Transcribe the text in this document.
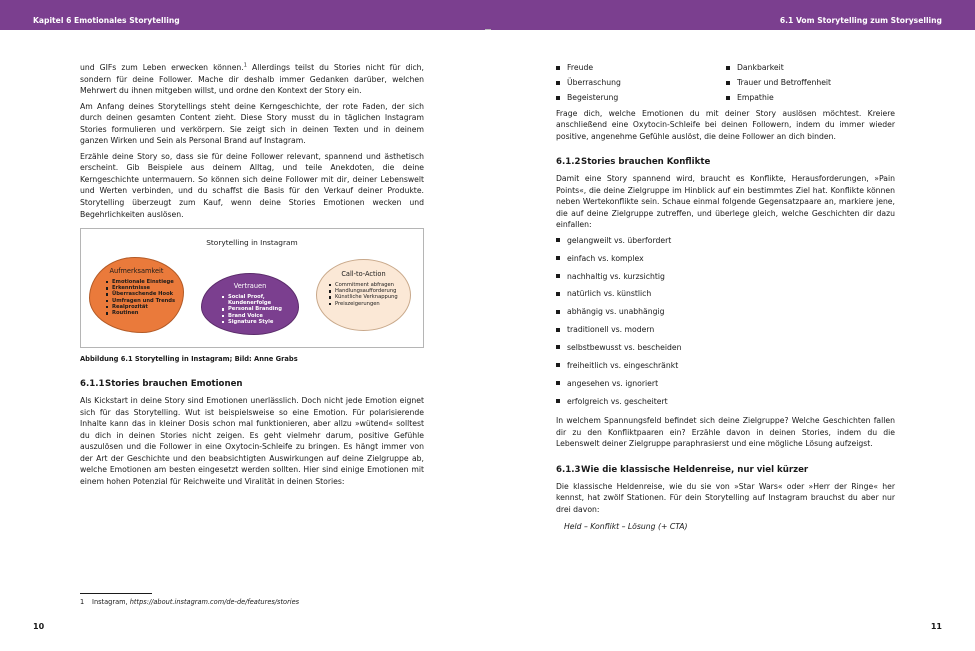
Kapitel 6 Emotionales Storytelling	6.1 Vom Storytelling zum Storyselling

und GIFs zum Leben erwecken können.$^1$ Allerdings teilst du Stories nicht für dich, sondern für deine Follower. Mache dir deshalb immer Gedanken darüber, welchen Mehrwert du ihnen mitgeben willst, und ordne den Kontext der Story ein.

Am Anfang deines Storytellings steht deine Kerngeschichte, der rote Faden, der sich durch deinen gesamten Content zieht. Diese Story musst du in täglichen Instagram Stories formulieren und verkörpern. Sie zeigt sich in deinen Texten und in deinem ganzen Wirken und Sein als Personal Brand auf Instagram.

Erzähle deine Story so, dass sie für deine Follower relevant, spannend und ästhetisch erscheint. Gib Beispiele aus deinem Alltag, und teile Anekdoten, die deine Kerngeschichte untermauern. So können sich deine Follower mit dir, deiner Lebenswelt und Werten verbinden, und du schaffst die Basis für den Verkauf deiner Produkte. Storytelling überzeugt zum Kauf, wenn deine Stories Emotionen wecken und Begehrlichkeiten auslösen.

Storytelling in Instagram
Aufmerksamkeit
Emotionale Einstiege
Erkenntnisse
Überraschende Hook
Umfragen und Trends
Realprozität
Routinen
Vertrauen
Social Proof, Kundenerfolge
Personal Branding
Brand Voice
Signature Style
Call-to-Action
Commitment abfragen
Handlungsaufforderung
Künstliche Verknappung
Preiszeigerungen
Abbildung 6.1 Storytelling in Instagram; Bild: Anne Grabs
6.1.1Stories brauchen Emotionen

Als Kickstart in deine Story sind Emotionen unerlässlich. Doch nicht jede Emotion eignet sich für das Storytelling. Wut ist beispielsweise so eine Emotion. Für polarisierende Inhalte kann das in kleiner Dosis schon mal funktionieren, aber allzu »wütend« solltest du dich in deinen Stories nicht zeigen. Es geht vielmehr darum, positive Gefühle auszulösen und die Follower in eine Oxytocin-Schleife zu bringen. Es hängt immer von der Art der Geschichte und den beabsichtigten Auswirkungen auf deine Zielgruppe ab, welche Emotionen am besten eingesetzt werden sollten. Hier sind einige Emotionen mit einem hohen Potenzial für Reichweite und Viralität in deinen Stories:

1 Instagram, https://about.instagram.com/de-de/features/stories
10
Freude	Dankbarkeit
Überraschung	Trauer und Betroffenheit
Begeisterung	Empathie

Frage dich, welche Emotionen du mit deiner Story auslösen möchtest. Kreiere anschließend eine Oxytocin-Schleife bei deinen Followern, indem du immer wieder positive, angenehme Gefühle auslöst, die deine Follower an dich binden.

6.1.2Stories brauchen Konflikte

Damit eine Story spannend wird, braucht es Konflikte, Herausforderungen, »Pain Points«, die deine Zielgruppe im Hinblick auf ein bestimmtes Ziel hat. Konflikte können neben Wertekonflikte sein. Schaue einmal folgende Gegensatzpaare an, markiere jene, die auf deine Zielgruppe zutreffen, und überlege gleich, welche Geschichten dir dazu einfallen:

gelangweilt vs. überfordert
einfach vs. komplex
nachhaltig vs. kurzsichtig
natürlich vs. künstlich
abhängig vs. unabhängig
traditionell vs. modern
selbstbewusst vs. bescheiden
freiheitlich vs. eingeschränkt
angesehen vs. ignoriert
erfolgreich vs. gescheitert

In welchem Spannungsfeld befindet sich deine Zielgruppe? Welche Geschichten fallen dir zu den Konfliktpaaren ein? Erzähle davon in deinen Stories, indem du die Lebenswelt deiner Zielgruppe paraphrasierst und eine mögliche Lösung aufzeigst.

6.1.3Wie die klassische Heldenreise, nur viel kürzer

Die klassische Heldenreise, wie du sie von »Star Wars« oder »Herr der Ringe« her kennst, hat zwölf Stationen. Für dein Storytelling auf Instagram brauchst du aber nur drei davon:

Held – Konflikt – Lösung (+ CTA)

11
